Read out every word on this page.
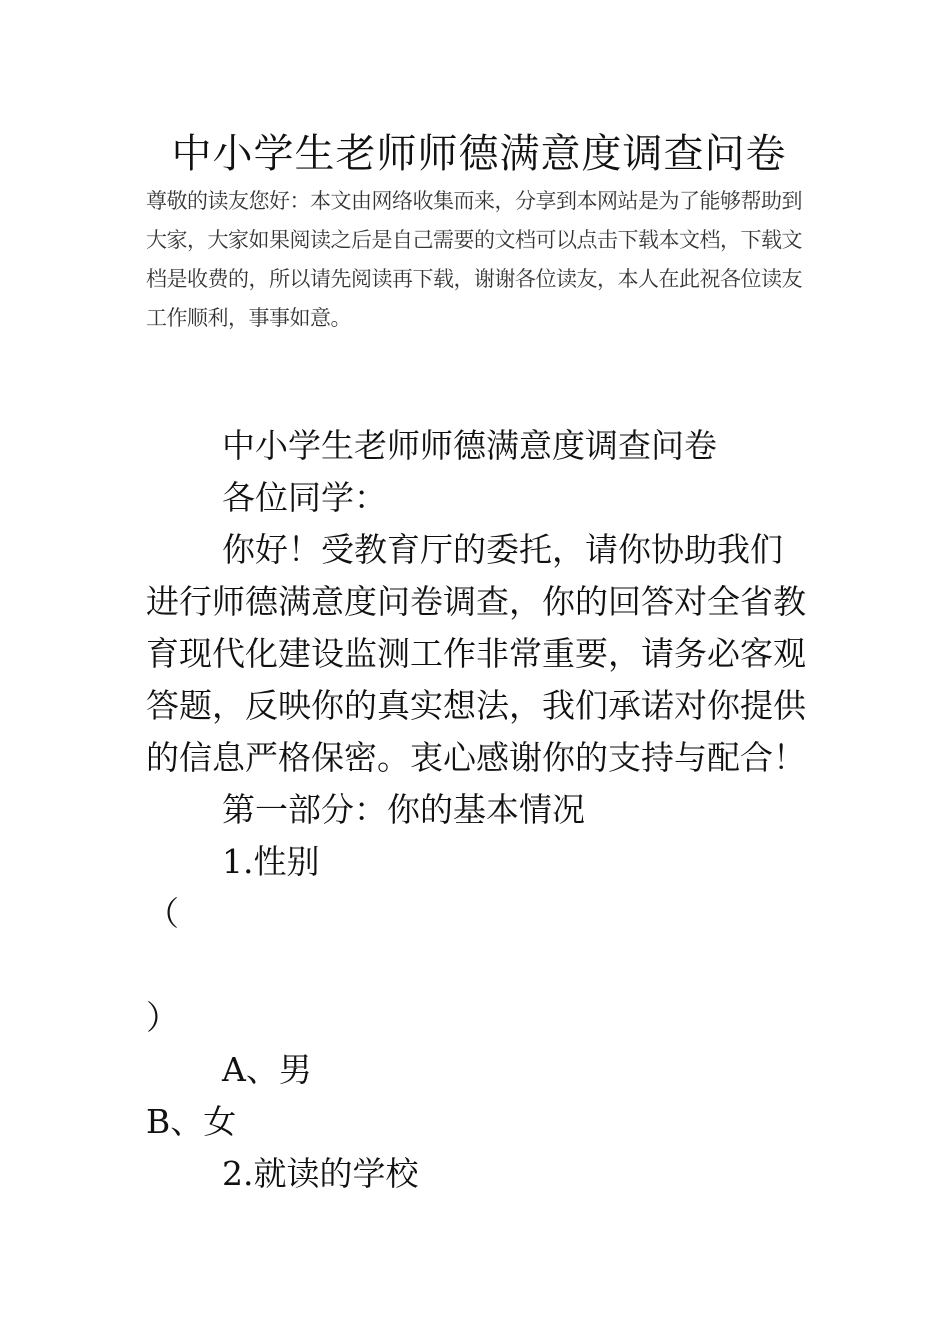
中小学生老师师德满意度调查问卷

尊敬的读友您好：本文由网络收集而来，分享到本网站是为了能够帮助到大家，大家如果阅读之后是自己需要的文档可以点击下载本文档，下载文档是收费的，所以请先阅读再下载，谢谢各位读友，本人在此祝各位读友工作顺利，事事如意。

中小学生老师师德满意度调查问卷

各位同学：

你好！受教育厅的委托，请你协助我们进行师德满意度问卷调查，你的回答对全省教育现代化建设监测工作非常重要，请务必客观答题，反映你的真实想法，我们承诺对你提供的信息严格保密。衷心感谢你的支持与配合！

第一部分：你的基本情况

1.性别

（

）

A、男

B、女

2.就读的学校
